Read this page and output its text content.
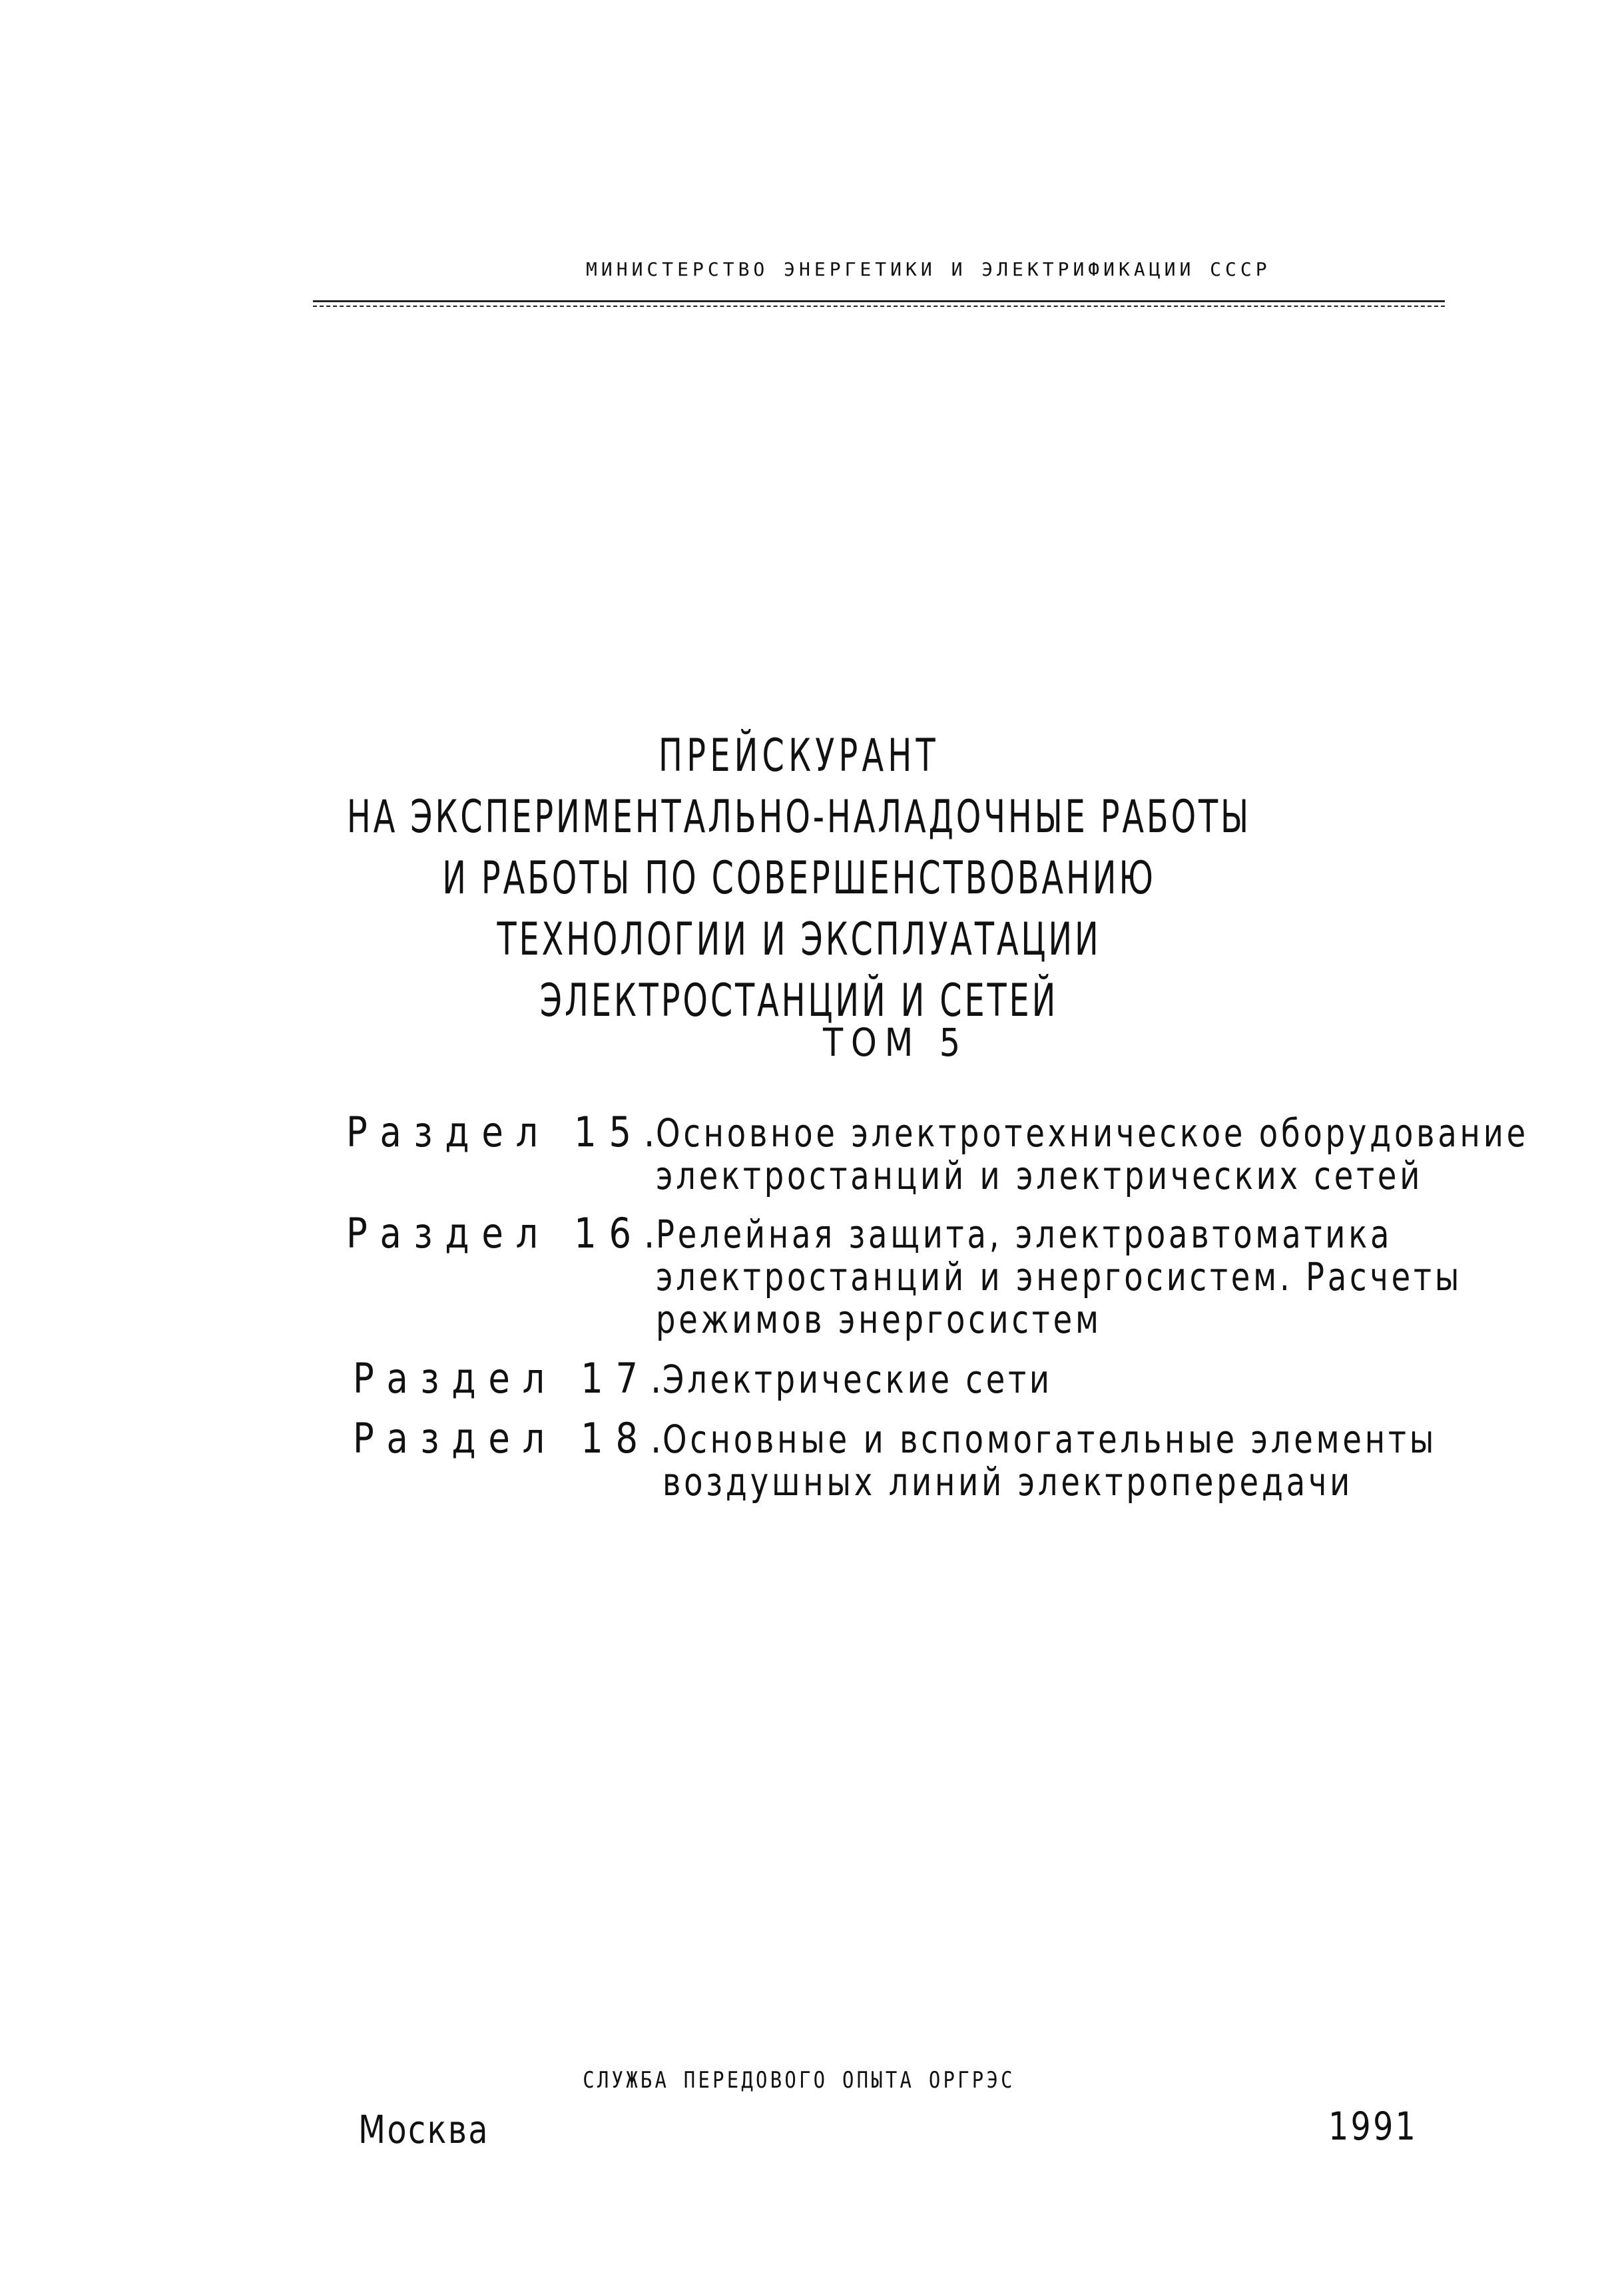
МИНИСТЕРСТВО ЭНЕРГЕТИКИ И ЭЛЕКТРИФИКАЦИИ СССР
ПРЕЙСКУРАНТ
НА ЭКСПЕРИМЕНТАЛЬНО-НАЛАДОЧНЫЕ РАБОТЫ
И РАБОТЫ ПО СОВЕРШЕНСТВОВАНИЮ
ТЕХНОЛОГИИ И ЭКСПЛУАТАЦИИ
ЭЛЕКТРОСТАНЦИЙ И СЕТЕЙ
ТОМ 5
Раздел 15.
Основное электротехническое оборудование
электростанций и электрических сетей
Раздел 16.
Релейная защита, электроавтоматика
электростанций и энергосистем. Расчеты
режимов энергосистем
Раздел 17.
Электрические сети
Раздел 18.
Основные и вспомогательные элементы
воздушных линий электропередачи
СЛУЖБА ПЕРЕДОВОГО ОПЫТА ОРГРЭС
Москва	1991
